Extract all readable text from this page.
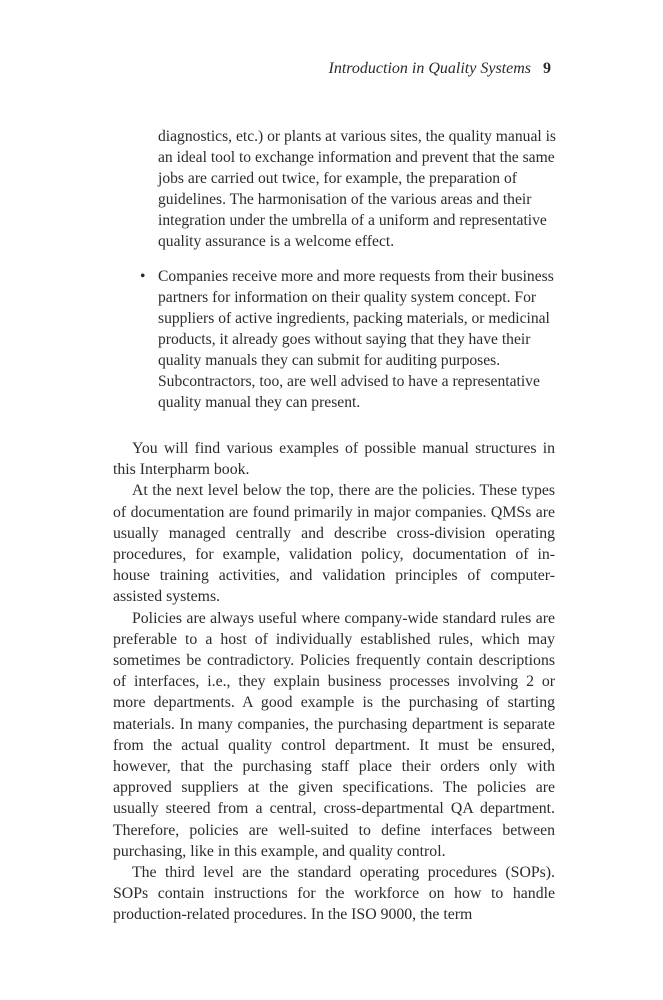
Introduction in Quality Systems 9

diagnostics, etc.) or plants at various sites, the quality manual is an ideal tool to exchange information and prevent that the same jobs are carried out twice, for example, the preparation of guidelines. The harmonisation of the various areas and their integration under the umbrella of a uniform and representative quality assurance is a welcome effect.

• Companies receive more and more requests from their business partners for information on their quality system concept. For suppliers of active ingredients, packing materials, or medicinal products, it already goes without saying that they have their quality manuals they can submit for auditing purposes. Subcontractors, too, are well advised to have a representative quality manual they can present.

You will find various examples of possible manual structures in this Interpharm book.

At the next level below the top, there are the policies. These types of documentation are found primarily in major companies. QMSs are usually managed centrally and describe cross-division operating procedures, for example, validation policy, documentation of in-house training activities, and validation principles of computer-assisted systems.

Policies are always useful where company-wide standard rules are preferable to a host of individually established rules, which may sometimes be contradictory. Policies frequently contain descriptions of interfaces, i.e., they explain business processes involving 2 or more departments. A good example is the purchasing of starting materials. In many companies, the purchasing department is separate from the actual quality control department. It must be ensured, however, that the purchasing staff place their orders only with approved suppliers at the given specifications. The policies are usually steered from a central, cross-departmental QA department. Therefore, policies are well-suited to define interfaces between purchasing, like in this example, and quality control.

The third level are the standard operating procedures (SOPs). SOPs contain instructions for the workforce on how to handle production-related procedures. In the ISO 9000, the term
